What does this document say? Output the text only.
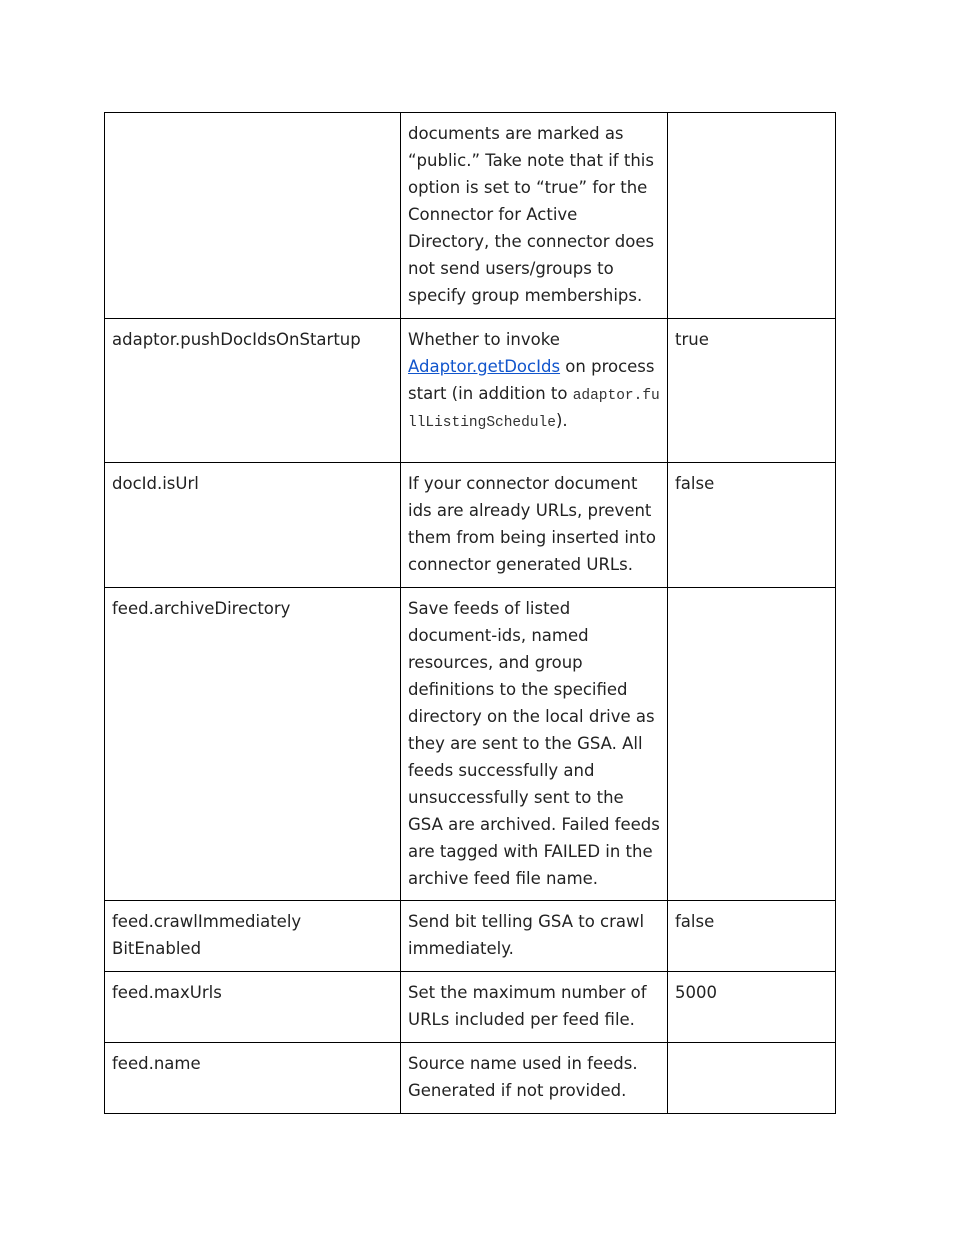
	documents are marked as “public.” Take note that if this option is set to “true” for the Connector for Active Directory, the connector does not send users/groups to specify group memberships.	

adaptor.pushDocIdsOnStartup	Whether to invoke Adaptor.getDocIds on process start (in addition to adaptor.fullListingSchedule).	true

docId.isUrl	If your connector document ids are already URLs, prevent them from being inserted into connector generated URLs.	false

feed.archiveDirectory	Save feeds of listed document-ids, named resources, and group definitions to the specified directory on the local drive as they are sent to the GSA. All feeds successfully and unsuccessfully sent to the GSA are archived. Failed feeds are tagged with FAILED in the archive feed file name.	

feed.crawlImmediately
BitEnabled	Send bit telling GSA to crawl immediately.	false

feed.maxUrls	Set the maximum number of URLs included per feed file.	5000

feed.name	Source name used in feeds. Generated if not provided.	
